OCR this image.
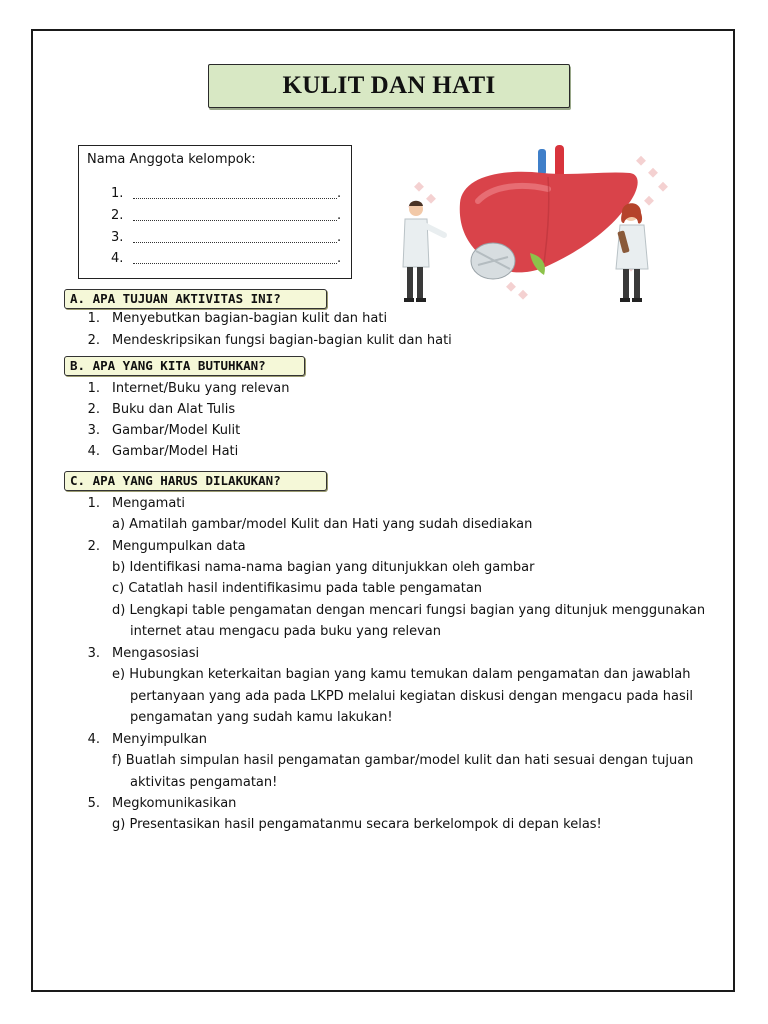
KULIT DAN HATI
Nama Anggota kelompok:
1.	.
2.	.
3.	.
4.	.
A. APA TUJUAN AKTIVITAS INI?
1. Menyebutkan bagian-bagian kulit dan hati
2. Mendeskripsikan fungsi bagian-bagian kulit dan hati
B. APA YANG KITA BUTUHKAN?
1. Internet/Buku yang relevan
2. Buku dan Alat Tulis
3. Gambar/Model Kulit
4. Gambar/Model Hati
C. APA YANG HARUS DILAKUKAN?
1. Mengamati
a) Amatilah gambar/model Kulit dan Hati yang sudah disediakan
2. Mengumpulkan data
b) Identifikasi nama-nama bagian yang ditunjukkan oleh gambar
c) Catatlah hasil indentifikasimu pada table pengamatan
d) Lengkapi table pengamatan dengan mencari fungsi bagian yang ditunjuk menggunakan
internet atau mengacu pada buku yang relevan
3. Mengasosiasi
e) Hubungkan keterkaitan bagian yang kamu temukan dalam pengamatan dan jawablah
pertanyaan yang ada pada LKPD melalui kegiatan diskusi dengan mengacu pada hasil
pengamatan yang sudah kamu lakukan!
4. Menyimpulkan
f) Buatlah simpulan hasil pengamatan gambar/model kulit dan hati sesuai dengan tujuan
aktivitas pengamatan!
5. Megkomunikasikan
g) Presentasikan hasil pengamatanmu secara berkelompok di depan kelas!
